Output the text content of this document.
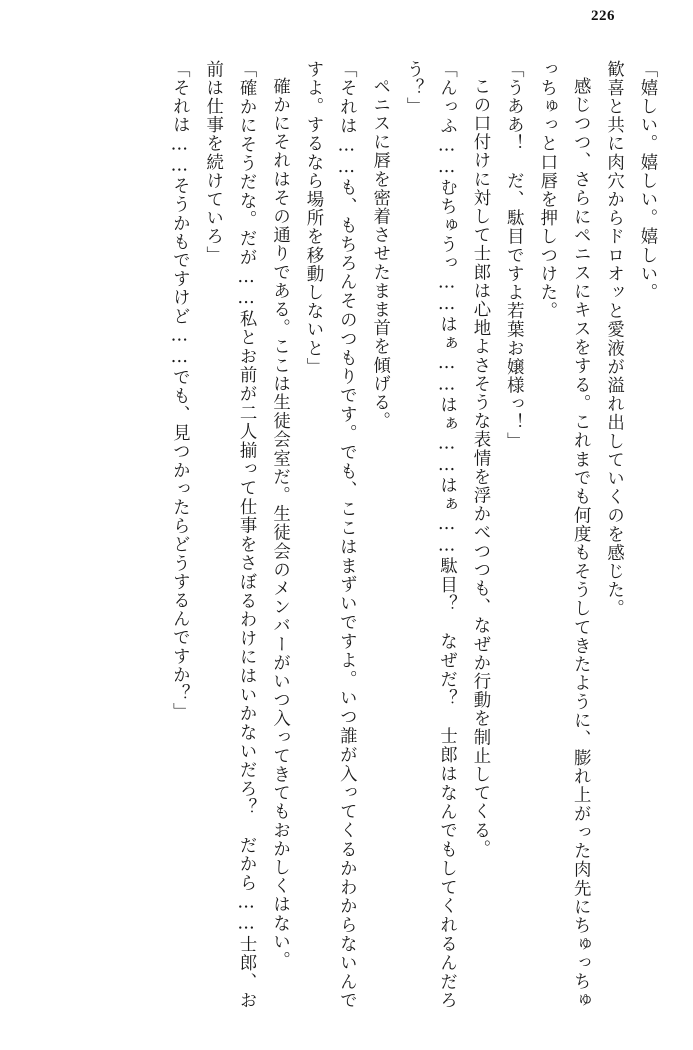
226

「嬉しい。嬉しい。嬉しい。

歓喜と共に肉穴からドロオッと愛液が溢れ出していくのを感じた。

感じつつ、さらにペニスにキスをする。これまでも何度もそうしてきたように、膨れ上がった肉先にちゅっちゅっちゅっと口唇を押しつけた。

「うああ！　だ、駄目ですよ若葉お嬢様っ！」

この口付けに対して士郎は心地よさそうな表情を浮かべつつも、なぜか行動を制止してくる。

「んっふ……むちゅうっ……はぁ……はぁ……はぁ……駄目？　なぜだ？　士郎はなんでもしてくれるんだろう？」

ペニスに唇を密着させたまま首を傾げる。

「それは……も、もちろんそのつもりです。でも、ここはまずいですよ。いつ誰が入ってくるかわからないんですよ。するなら場所を移動しないと」

確かにそれはその通りである。ここは生徒会室だ。生徒会のメンバーがいつ入ってきてもおかしくはない。

「確かにそうだな。だが……私とお前が二人揃って仕事をさぼるわけにはいかないだろ？　だから……士郎、お前は仕事を続けていろ」

「それは……そうかもですけど……でも、見つかったらどうするんですか？」
